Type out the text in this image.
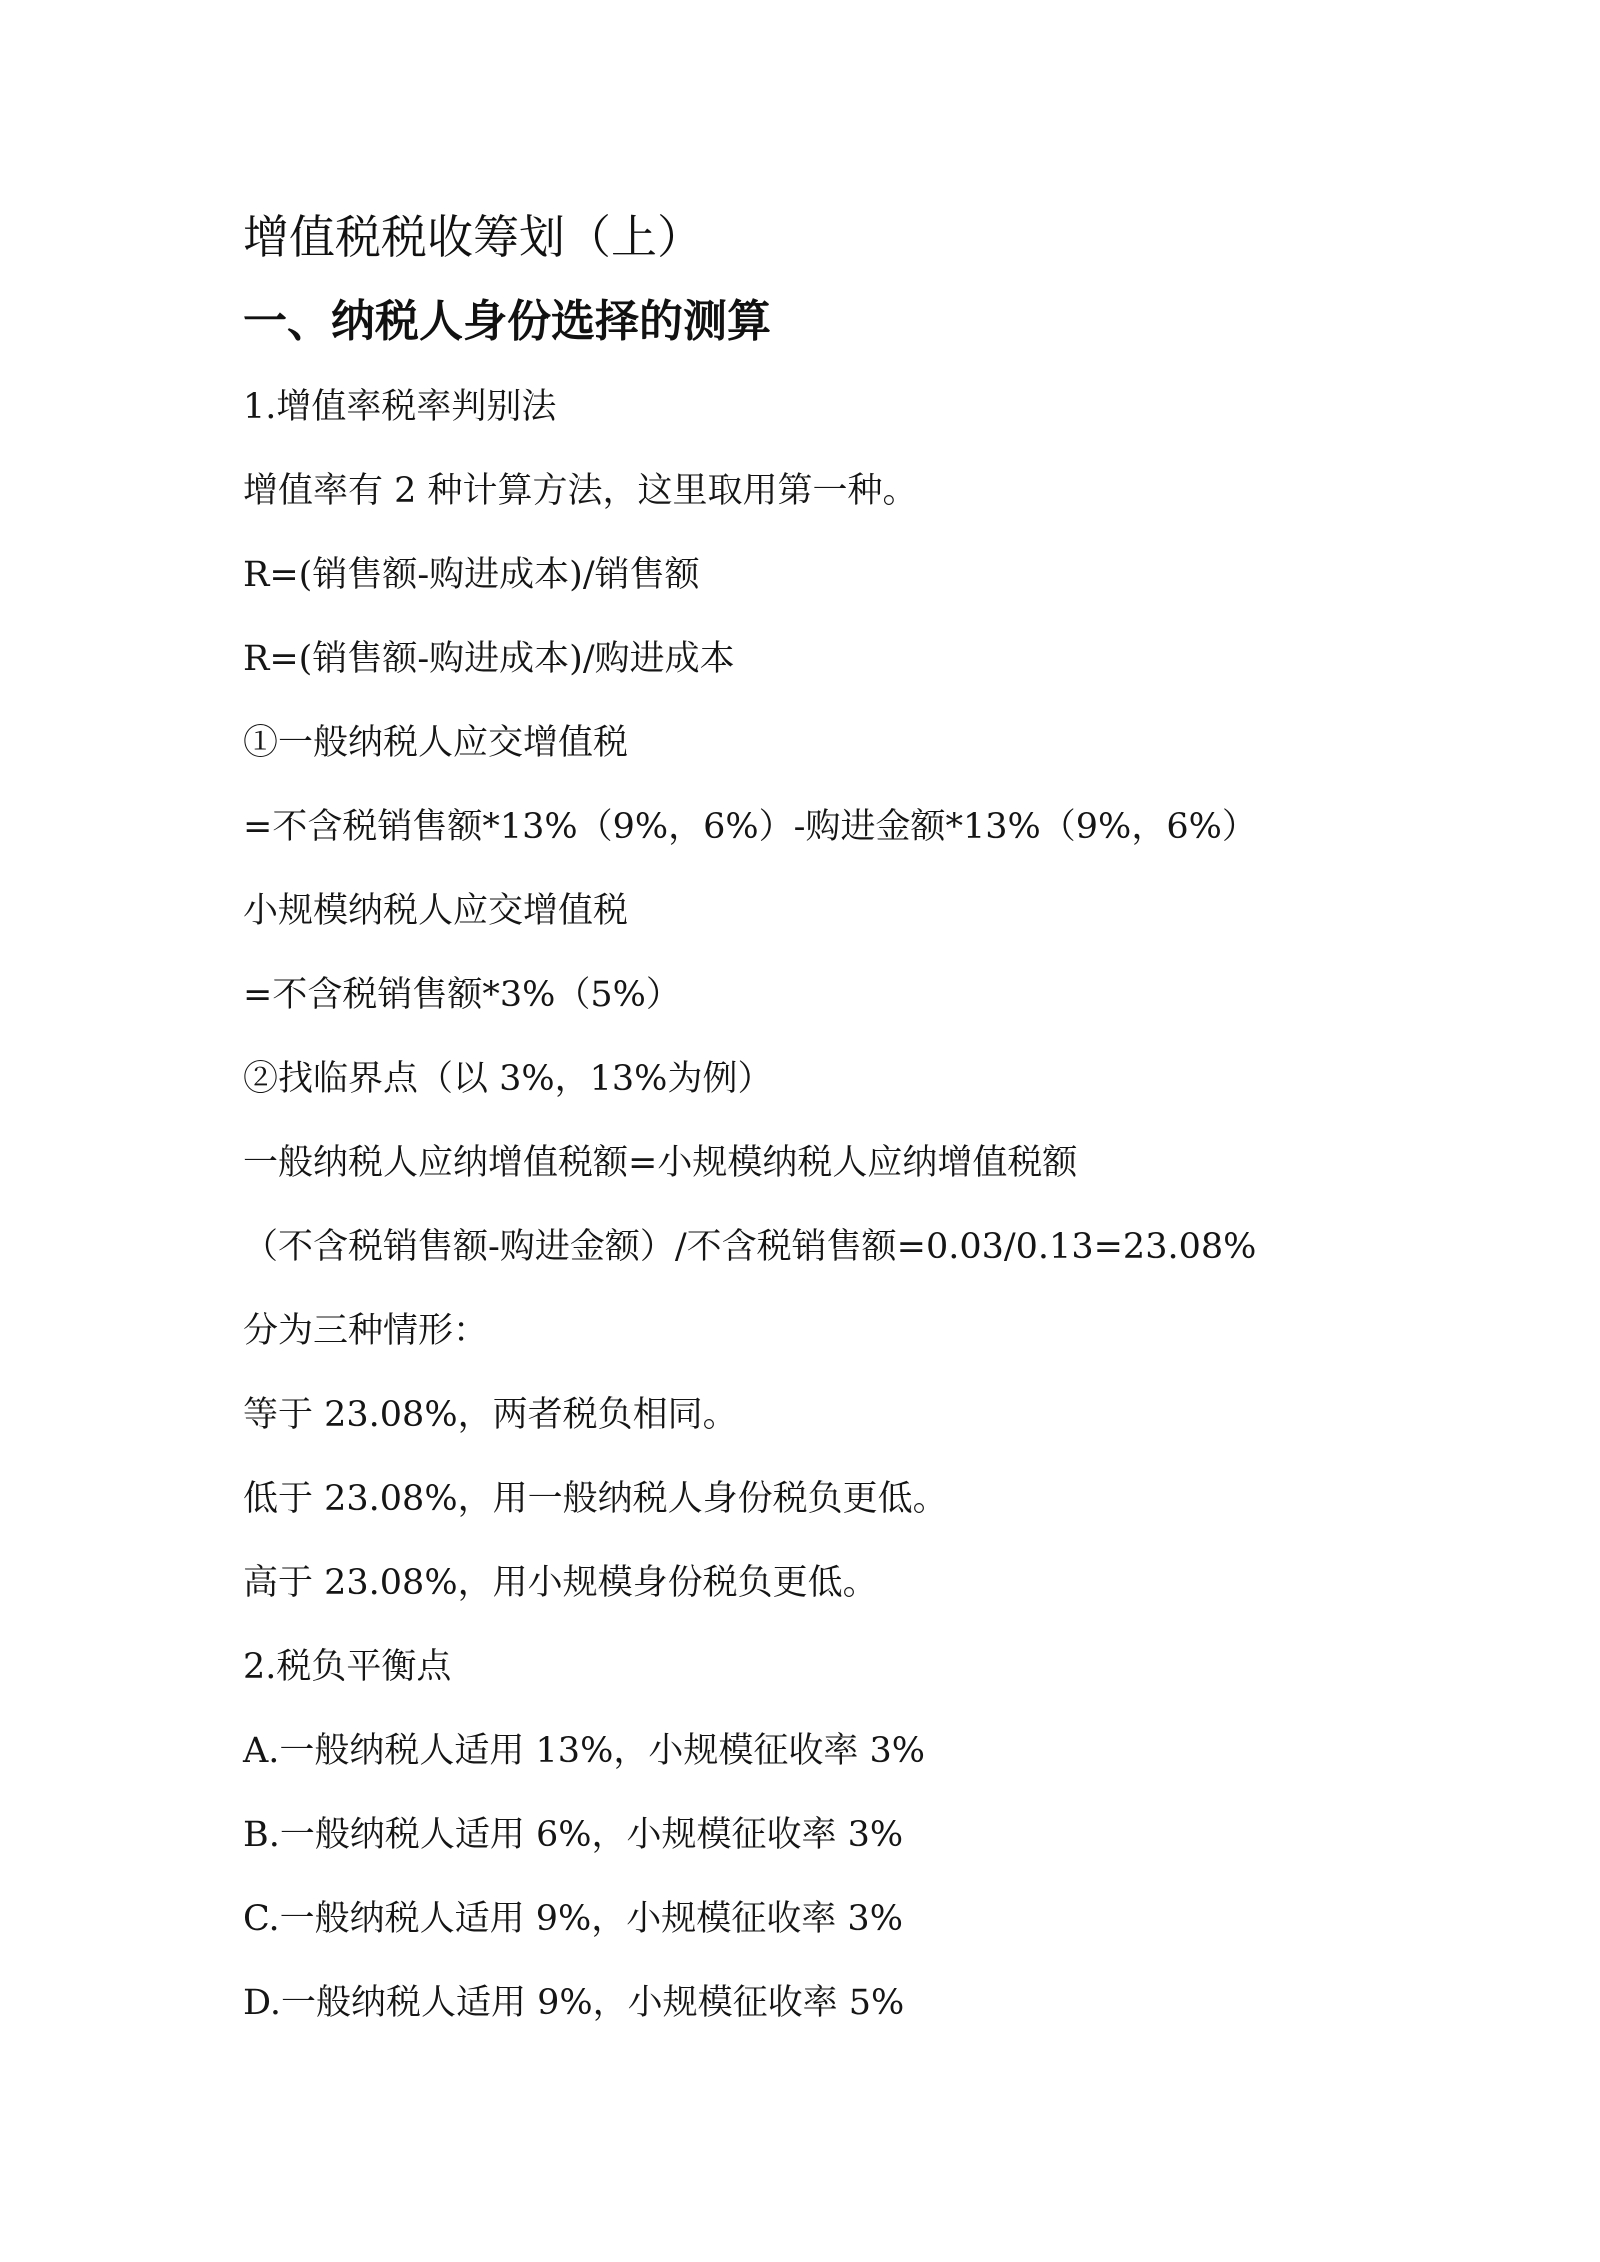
增值税税收筹划（上）
一、纳税人身份选择的测算
1.增值率税率判别法
增值率有 2 种计算方法，这里取用第一种。
R=(销售额-购进成本)/销售额
R=(销售额-购进成本)/购进成本
①一般纳税人应交增值税
=不含税销售额*13%（9%，6%）-购进金额*13%（9%，6%）
小规模纳税人应交增值税
=不含税销售额*3%（5%）
②找临界点（以 3%，13%为例）
一般纳税人应纳增值税额=小规模纳税人应纳增值税额
（不含税销售额-购进金额）/不含税销售额=0.03/0.13=23.08%
分为三种情形：
等于 23.08%，两者税负相同。
低于 23.08%，用一般纳税人身份税负更低。
高于 23.08%，用小规模身份税负更低。
2.税负平衡点
A.一般纳税人适用 13%，小规模征收率 3%
B.一般纳税人适用 6%，小规模征收率 3%
C.一般纳税人适用 9%，小规模征收率 3%
D.一般纳税人适用 9%，小规模征收率 5%
